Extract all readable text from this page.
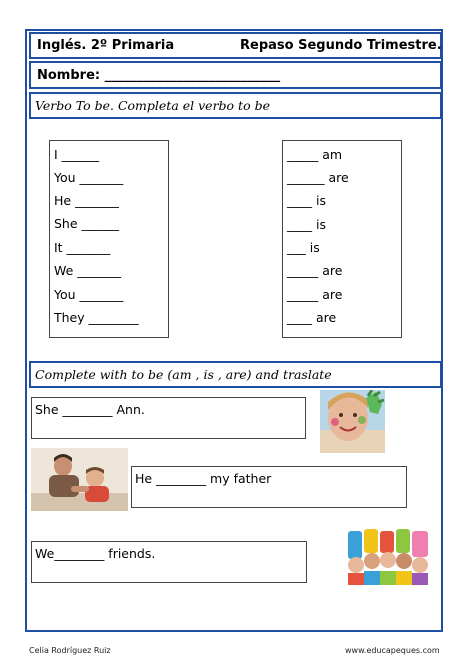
Inglés. 2º Primaria	Repaso Segundo Trimestre.
Nombre: ___________________________
Verbo To be. Completa el verbo to be
I ______
You _______
He _______
She ______
It _______
We _______
You _______
They ________
_____ am
______ are
____ is
____ is
___ is
_____ are
_____ are
____ are
Complete with to be (am , is , are) and traslate
She ________ Ann.
He ________ my father
We________ friends.
Celia Rodríguez Ruiz	www.educapeques.com
